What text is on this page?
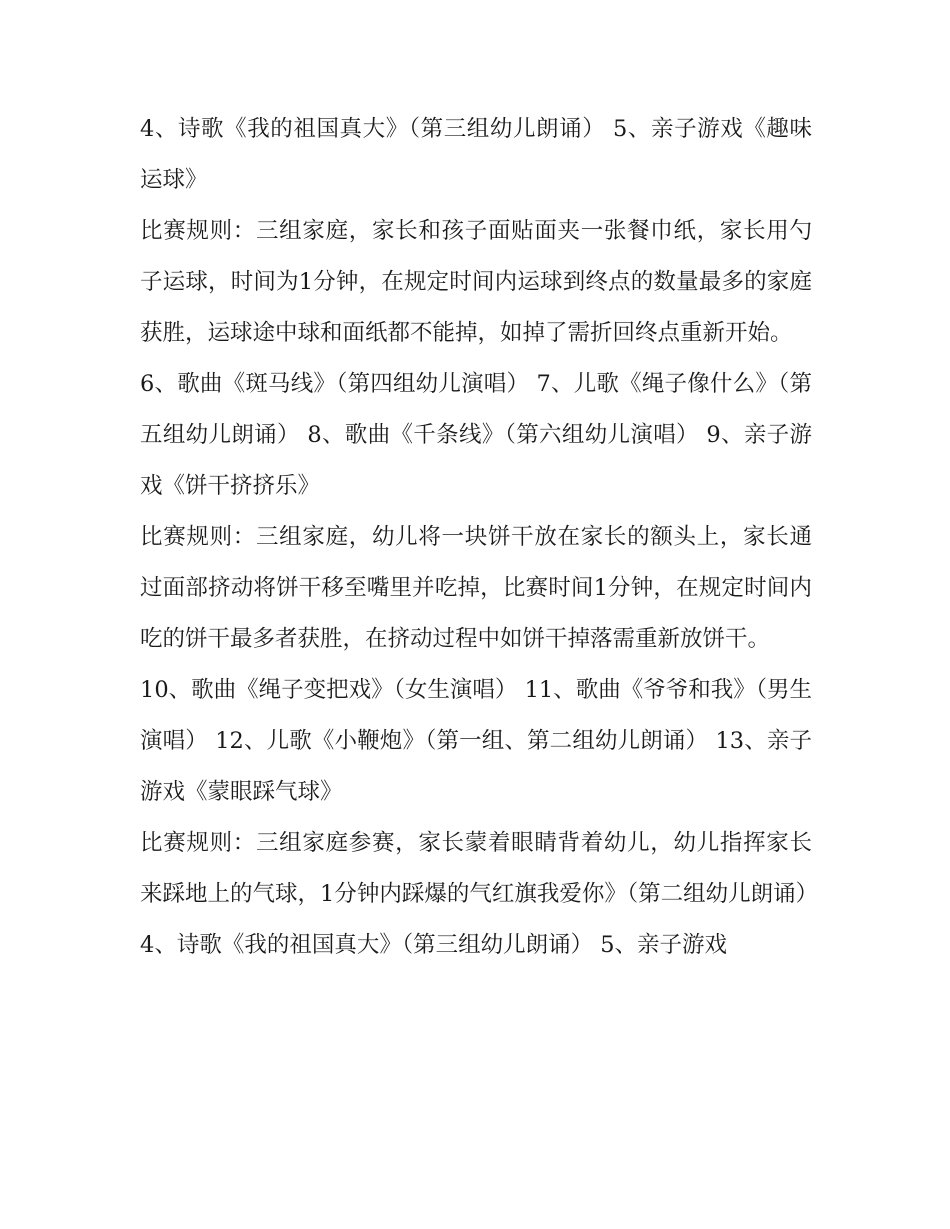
4、诗歌《我的祖国真大》（第三组幼儿朗诵） 5、亲子游戏《趣味运球》

比赛规则：三组家庭，家长和孩子面贴面夹一张餐巾纸，家长用勺子运球，时间为1分钟，在规定时间内运球到终点的数量最多的家庭获胜，运球途中球和面纸都不能掉，如掉了需折回终点重新开始。

6、歌曲《斑马线》（第四组幼儿演唱） 7、儿歌《绳子像什么》（第五组幼儿朗诵） 8、歌曲《千条线》（第六组幼儿演唱） 9、亲子游戏《饼干挤挤乐》

比赛规则：三组家庭，幼儿将一块饼干放在家长的额头上，家长通过面部挤动将饼干移至嘴里并吃掉，比赛时间1分钟，在规定时间内吃的饼干最多者获胜，在挤动过程中如饼干掉落需重新放饼干。

10、歌曲《绳子变把戏》（女生演唱） 11、歌曲《爷爷和我》（男生演唱） 12、儿歌《小鞭炮》（第一组、第二组幼儿朗诵） 13、亲子游戏《蒙眼踩气球》

比赛规则：三组家庭参赛，家长蒙着眼睛背着幼儿，幼儿指挥家长来踩地上的气球，1分钟内踩爆的气红旗我爱你》（第二组幼儿朗诵）

4、诗歌《我的祖国真大》（第三组幼儿朗诵） 5、亲子游戏
